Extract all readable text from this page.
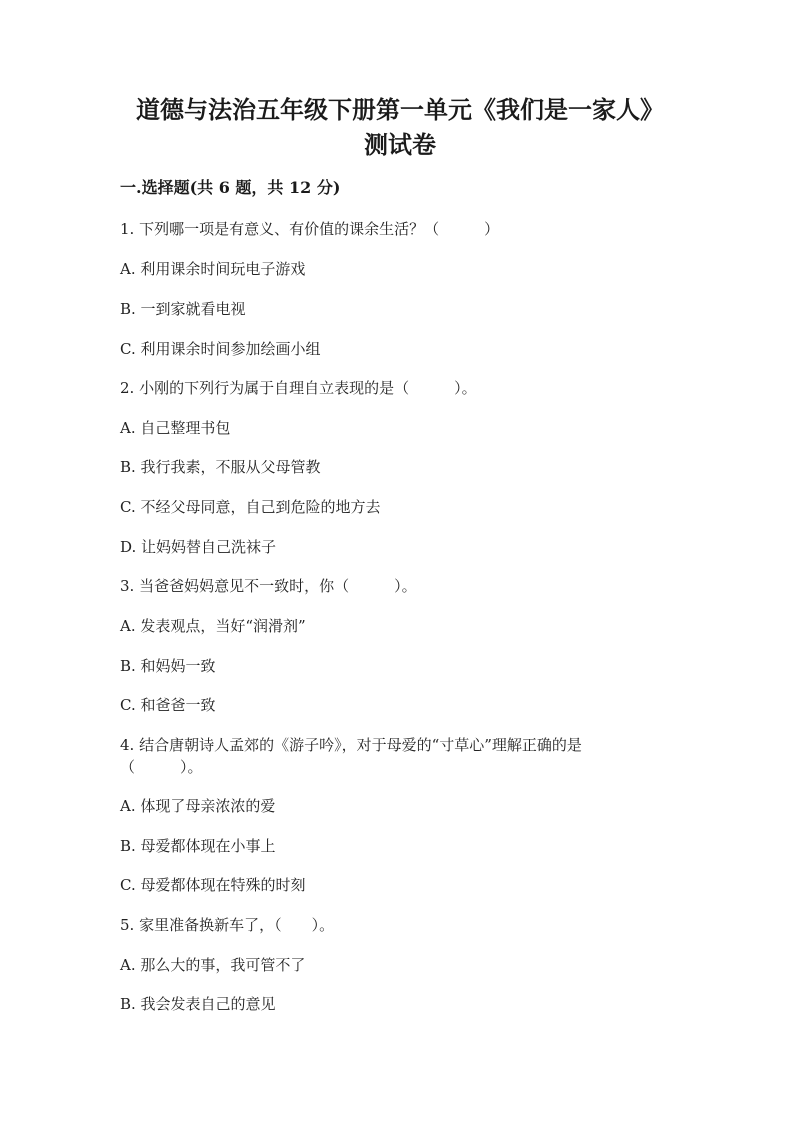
道德与法治五年级下册第一单元《我们是一家人》
测试卷
一.选择题(共 6 题，共 12 分)
1. 下列哪一项是有意义、有价值的课余生活？（　　　）
A. 利用课余时间玩电子游戏
B. 一到家就看电视
C. 利用课余时间参加绘画小组
2. 小刚的下列行为属于自理自立表现的是（　　　）。
A. 自己整理书包
B. 我行我素，不服从父母管教
C. 不经父母同意，自己到危险的地方去
D. 让妈妈替自己洗袜子
3. 当爸爸妈妈意见不一致时，你（　　　）。
A. 发表观点，当好“润滑剂”
B. 和妈妈一致
C. 和爸爸一致
4. 结合唐朝诗人孟郊的《游子吟》，对于母爱的“寸草心”理解正确的是
（　　　）。
A. 体现了母亲浓浓的爱
B. 母爱都体现在小事上
C. 母爱都体现在特殊的时刻
5. 家里准备换新车了，（　　）。
A. 那么大的事，我可管不了
B. 我会发表自己的意见
